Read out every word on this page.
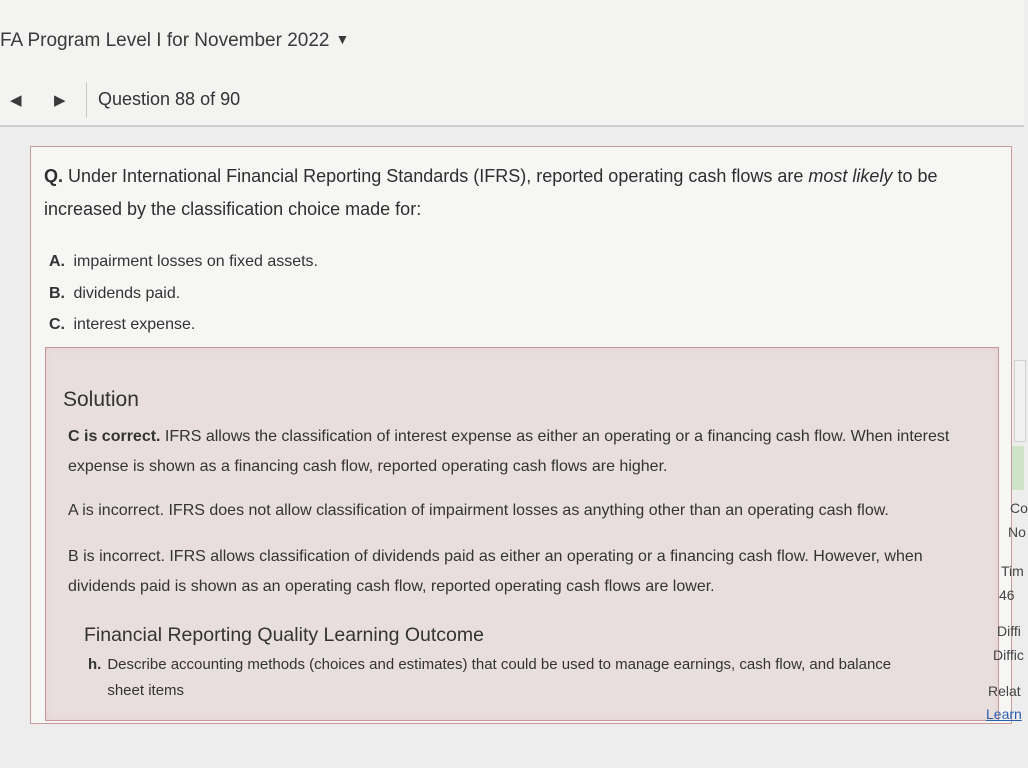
FA Program Level I for November 2022 ▼
◀ ▶ Question 88 of 90
Q. Under International Financial Reporting Standards (IFRS), reported operating cash flows are most likely to be increased by the classification choice made for:
A. impairment losses on fixed assets.
B. dividends paid.
C. interest expense.
Solution
C is correct. IFRS allows the classification of interest expense as either an operating or a financing cash flow. When interest expense is shown as a financing cash flow, reported operating cash flows are higher.
A is incorrect. IFRS does not allow classification of impairment losses as anything other than an operating cash flow.
B is incorrect. IFRS allows classification of dividends paid as either an operating or a financing cash flow. However, when dividends paid is shown as an operating cash flow, reported operating cash flows are lower.
Financial Reporting Quality Learning Outcome
h. Describe accounting methods (choices and estimates) that could be used to manage earnings, cash flow, and balance sheet items
Co
No
Tim
46
Diffi
Diffic
Relat
Learn
